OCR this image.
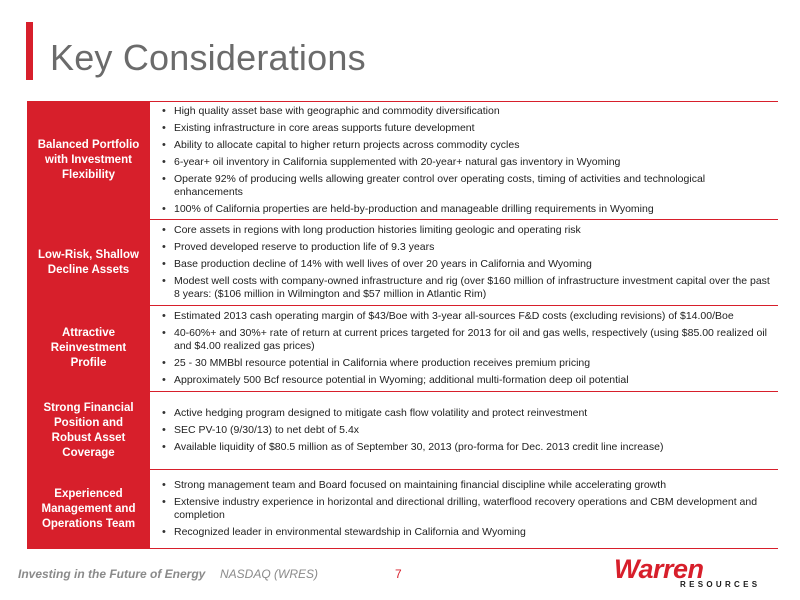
Key Considerations
Balanced Portfolio
with Investment
Flexibility
• High quality asset base with geographic and commodity diversification
• Existing infrastructure in core areas supports future development
• Ability to allocate capital to higher return projects across commodity cycles
• 6-year+ oil inventory in California supplemented with 20-year+ natural gas inventory in Wyoming
• Operate 92% of producing wells allowing greater control over operating costs, timing of activities and technological enhancements
• 100% of California properties are held-by-production and manageable drilling requirements in Wyoming
Low-Risk, Shallow
Decline Assets
• Core assets in regions with long production histories limiting geologic and operating risk
• Proved developed reserve to production life of 9.3 years
• Base production decline of 14% with well lives of over 20 years in California and Wyoming
• Modest well costs with company-owned infrastructure and rig (over $160 million of infrastructure investment capital over the past 8 years: ($106 million in Wilmington and $57 million in Atlantic Rim)
Attractive
Reinvestment
Profile
• Estimated 2013 cash operating margin of $43/Boe with 3-year all-sources F&D costs (excluding revisions) of $14.00/Boe
• 40-60%+ and 30%+ rate of return at current prices targeted for 2013 for oil and gas wells, respectively (using $85.00 realized oil and $4.00 realized gas prices)
• 25 - 30 MMBbl resource potential in California where production receives premium pricing
• Approximately 500 Bcf resource potential in Wyoming; additional multi-formation deep oil potential
Strong Financial
Position and
Robust Asset
Coverage
• Active hedging program designed to mitigate cash flow volatility and protect reinvestment
• SEC PV-10 (9/30/13) to net debt of 5.4x
• Available liquidity of $80.5 million as of September 30, 2013 (pro-forma for Dec. 2013 credit line increase)
Experienced
Management and
Operations Team
• Strong management team and Board focused on maintaining financial discipline while accelerating growth
• Extensive industry experience in horizontal and directional drilling, waterflood recovery operations and CBM development and completion
• Recognized leader in environmental stewardship in California and Wyoming
Investing in the Future of Energy NASDAQ (WRES)	7	Warren
RESOURCES
